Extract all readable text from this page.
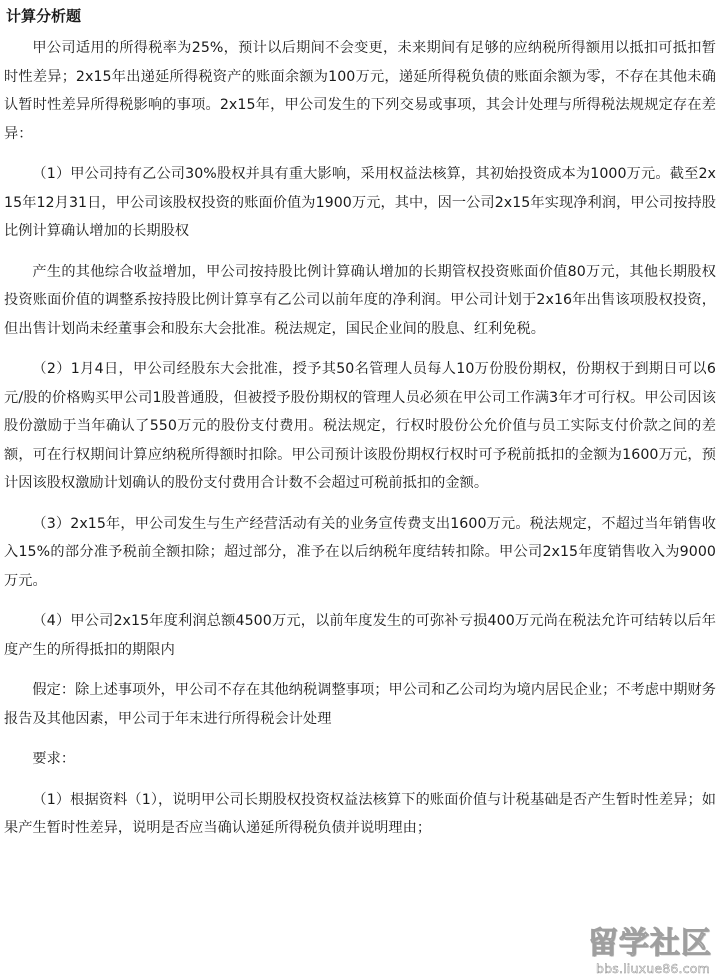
计算分析题

甲公司适用的所得税率为25%，预计以后期间不会变更，未来期间有足够的应纳税所得额用以抵扣可抵扣暂时性差异；2x15年出递延所得税资产的账面余额为100万元，递延所得税负债的账面余额为零，不存在其他未确认暂时性差异所得税影响的事项。2x15年，甲公司发生的下列交易或事项，其会计处理与所得税法规规定存在差异：

（1）甲公司持有乙公司30%股权并具有重大影响，采用权益法核算，其初始投资成本为1000万元。截至2x15年12月31日，甲公司该股权投资的账面价值为1900万元，其中，因一公司2x15年实现净利润，甲公司按持股比例计算确认增加的长期股权

产生的其他综合收益增加，甲公司按持股比例计算确认增加的长期管权投资账面价值80万元，其他长期股权投资账面价值的调整系按持股比例计算享有乙公司以前年度的净利润。甲公司计划于2x16年出售该项股权投资，但出售计划尚未经董事会和股东大会批准。税法规定，国民企业间的股息、红利免税。

（2）1月4日，甲公司经股东大会批准，授予其50名管理人员每人10万份股份期权，份期权于到期日可以6元/股的价格购买甲公司1股普通股，但被授予股份期权的管理人员必须在甲公司工作满3年才可行权。甲公司因该股份激励于当年确认了550万元的股份支付费用。税法规定，行权时股份公允价值与员工实际支付价款之间的差额，可在行权期间计算应纳税所得额时扣除。甲公司预计该股份期权行权时可予税前抵扣的金额为1600万元，预计因该股权激励计划确认的股份支付费用合计数不会超过可税前抵扣的金额。

（3）2x15年，甲公司发生与生产经营活动有关的业务宣传费支出1600万元。税法规定，不超过当年销售收入15%的部分准予税前全额扣除；超过部分，准予在以后纳税年度结转扣除。甲公司2x15年度销售收入为9000万元。

（4）甲公司2x15年度利润总额4500万元，以前年度发生的可弥补亏损400万元尚在税法允许可结转以后年度产生的所得抵扣的期限内

假定：除上述事项外，甲公司不存在其他纳税调整事项；甲公司和乙公司均为境内居民企业；不考虑中期财务报告及其他因素，甲公司于年末进行所得税会计处理

要求：

（1）根据资料（1），说明甲公司长期股权投资权益法核算下的账面价值与计税基础是否产生暂时性差异；如果产生暂时性差异，说明是否应当确认递延所得税负债并说明理由；

留学社区
bbs.liuxue86.com
